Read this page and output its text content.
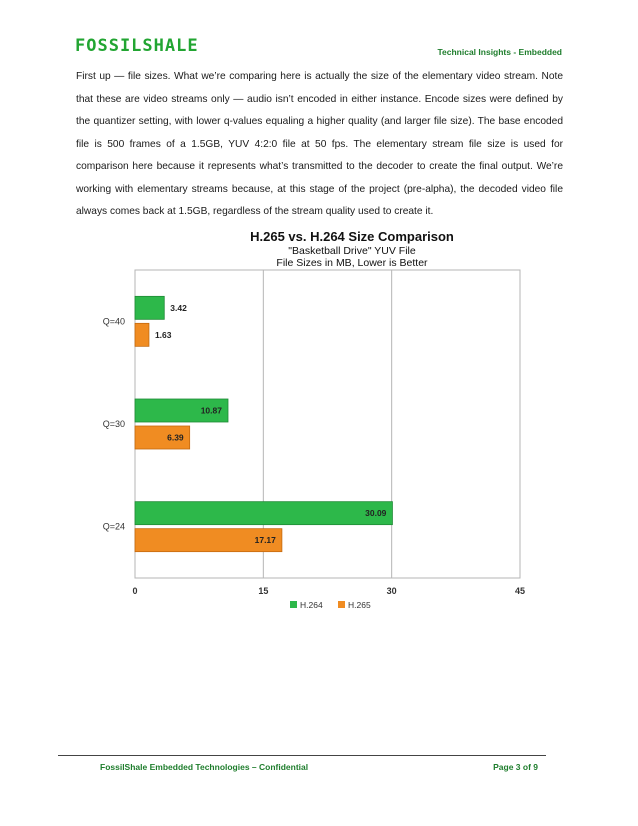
FOSSILSHALE	Technical Insights - Embedded

First up — file sizes. What we’re comparing here is actually the size of the elementary video stream. Note that these are video streams only — audio isn’t encoded in either instance. Encode sizes were defined by the quantizer setting, with lower q-values equaling a higher quality (and larger file size). The base encoded file is 500 frames of a 1.5GB, YUV 4:2:0 file at 50 fps. The elementary stream file size is used for comparison here because it represents what’s transmitted to the decoder to create the final output. We’re working with elementary streams because, at this stage of the project (pre-alpha), the decoded video file always comes back at 1.5GB, regardless of the stream quality used to create it.

H.265 vs. H.264 Size Comparison
"Basketball Drive" YUV File
File Sizes in MB, Lower is Better
0	15	30	45
Q=40
3.42
1.63
Q=30
10.87
6.39
Q=24
30.09
17.17
H.264	H.265
FossilShale Embedded Technologies – Confidential	Page 3 of 9
